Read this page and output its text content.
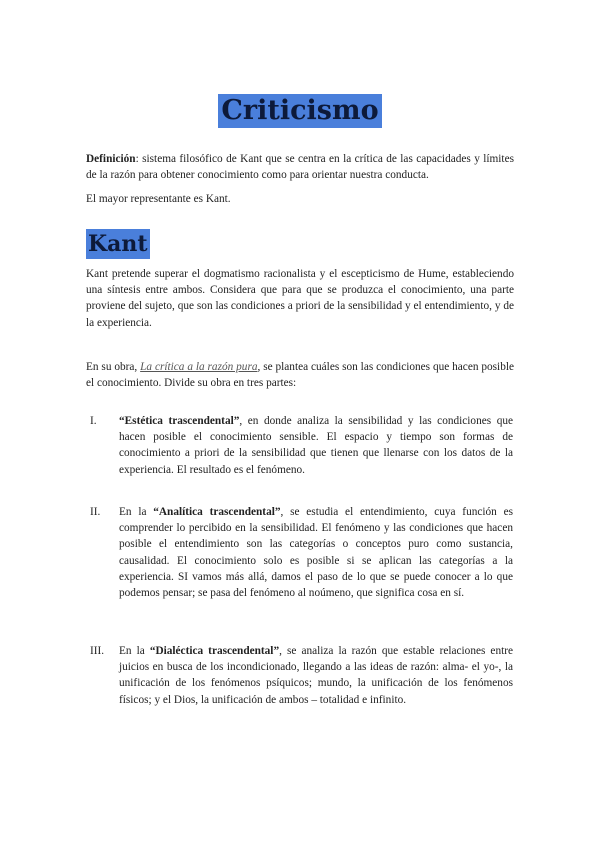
Criticismo

Definición: sistema filosófico de Kant que se centra en la crítica de las capacidades y límites de la razón para obtener conocimiento como para orientar nuestra conducta.

El mayor representante es Kant.

Kant

Kant pretende superar el dogmatismo racionalista y el escepticismo de Hume, estableciendo una síntesis entre ambos. Considera que para que se produzca el conocimiento, una parte proviene del sujeto, que son las condiciones a priori de la sensibilidad y el entendimiento, y de la experiencia.

En su obra, La crítica a la razón pura, se plantea cuáles son las condiciones que hacen posible el conocimiento. Divide su obra en tres partes:

I.	“Estética trascendental”, en donde analiza la sensibilidad y las condiciones que hacen posible el conocimiento sensible. El espacio y tiempo son formas de conocimiento a priori de la sensibilidad que tienen que llenarse con los datos de la experiencia. El resultado es el fenómeno.

II.	En la “Analítica trascendental”, se estudia el entendimiento, cuya función es comprender lo percibido en la sensibilidad. El fenómeno y las condiciones que hacen posible el entendimiento son las categorías o conceptos puro como sustancia, causalidad. El conocimiento solo es posible si se aplican las categorías a la experiencia. SI vamos más allá, damos el paso de lo que se puede conocer a lo que podemos pensar; se pasa del fenómeno al noúmeno, que significa cosa en sí.

III.	En la “Dialéctica trascendental”, se analiza la razón que estable relaciones entre juicios en busca de los incondicionado, llegando a las ideas de razón: alma- el yo-, la unificación de los fenómenos psíquicos; mundo, la unificación de los fenómenos físicos; y el Dios, la unificación de ambos – totalidad e infinito.
